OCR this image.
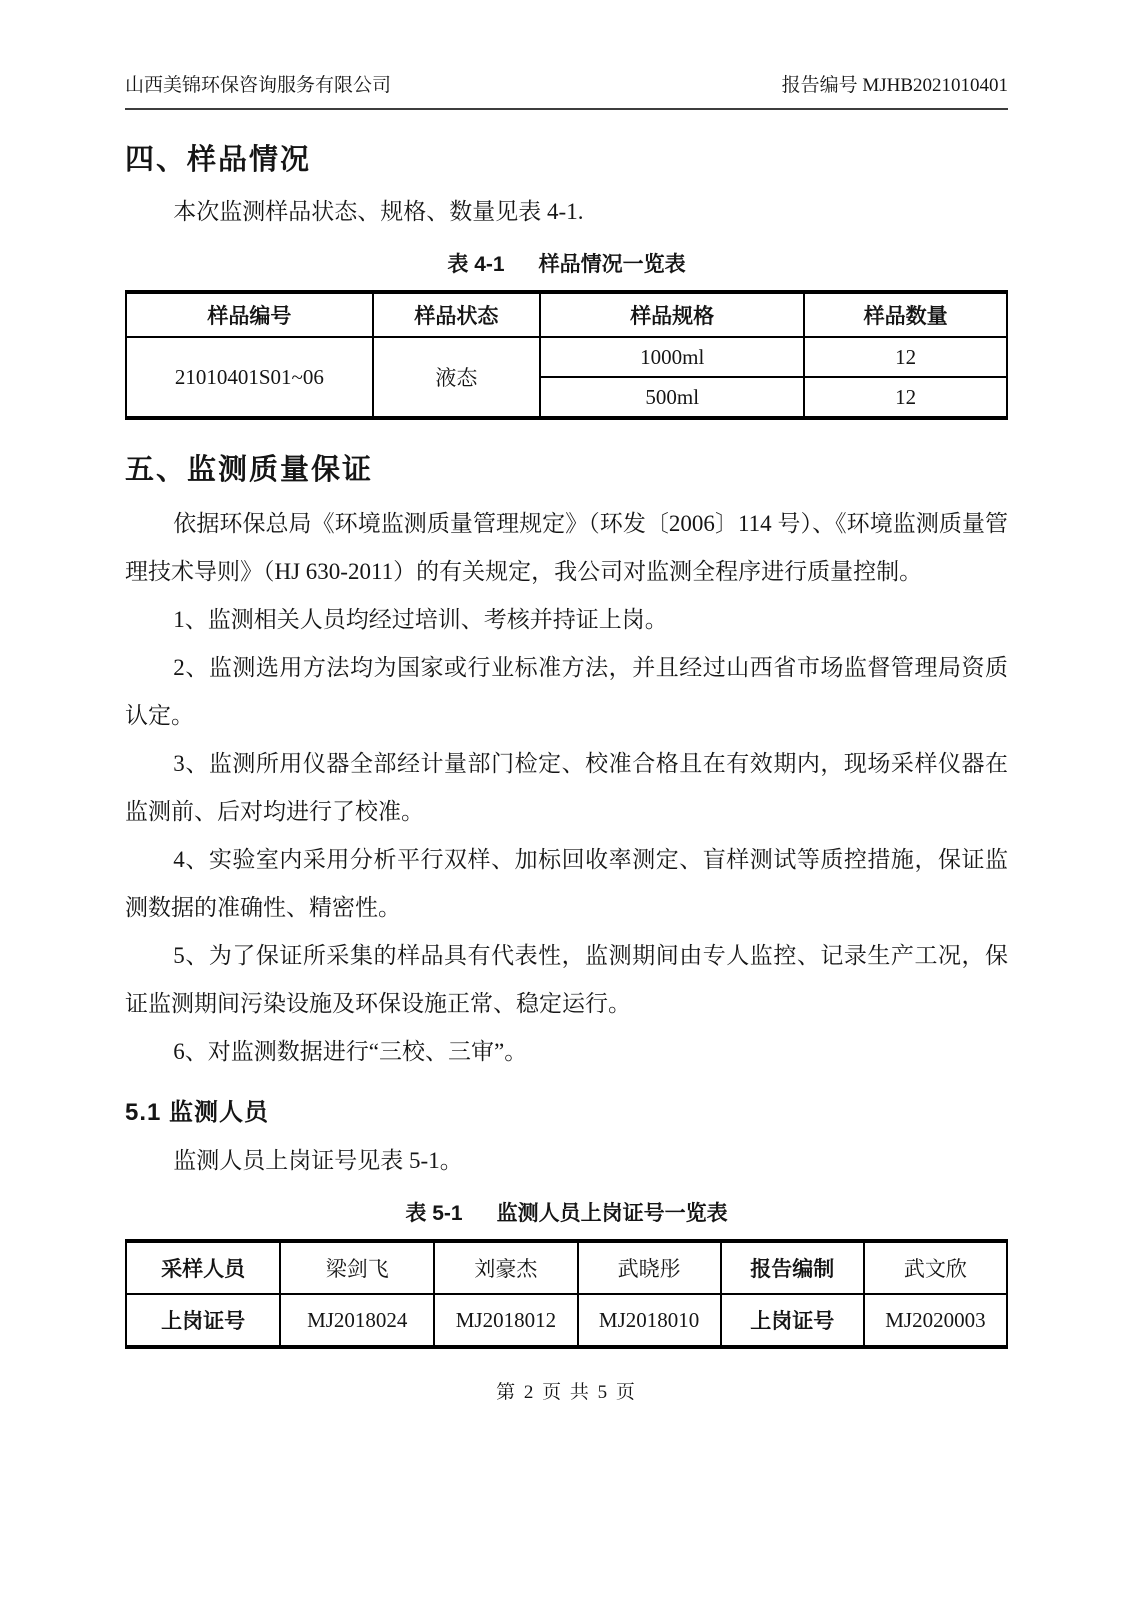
山西美锦环保咨询服务有限公司	报告编号 MJHB2021010401
四、样品情况

本次监测样品状态、规格、数量见表 4-1.

表 4-1 样品情况一览表
样品编号	样品状态	样品规格	样品数量
21010401S01~06	液态	1000ml	12
		500ml	12
五、监测质量保证

依据环保总局《环境监测质量管理规定》（环发〔2006〕114 号）、《环境监测质量管理技术导则》（HJ 630-2011）的有关规定，我公司对监测全程序进行质量控制。

1、监测相关人员均经过培训、考核并持证上岗。

2、监测选用方法均为国家或行业标准方法，并且经过山西省市场监督管理局资质认定。

3、监测所用仪器全部经计量部门检定、校准合格且在有效期内，现场采样仪器在监测前、后对均进行了校准。

4、实验室内采用分析平行双样、加标回收率测定、盲样测试等质控措施，保证监测数据的准确性、精密性。

5、为了保证所采集的样品具有代表性，监测期间由专人监控、记录生产工况，保证监测期间污染设施及环保设施正常、稳定运行。

6、对监测数据进行“三校、三审”。

5.1 监测人员

监测人员上岗证号见表 5-1。

表 5-1 监测人员上岗证号一览表
采样人员	梁剑飞	刘豪杰	武晓彤	报告编制	武文欣
上岗证号	MJ2018024	MJ2018012	MJ2018010	上岗证号	MJ2020003
第 2 页 共 5 页
